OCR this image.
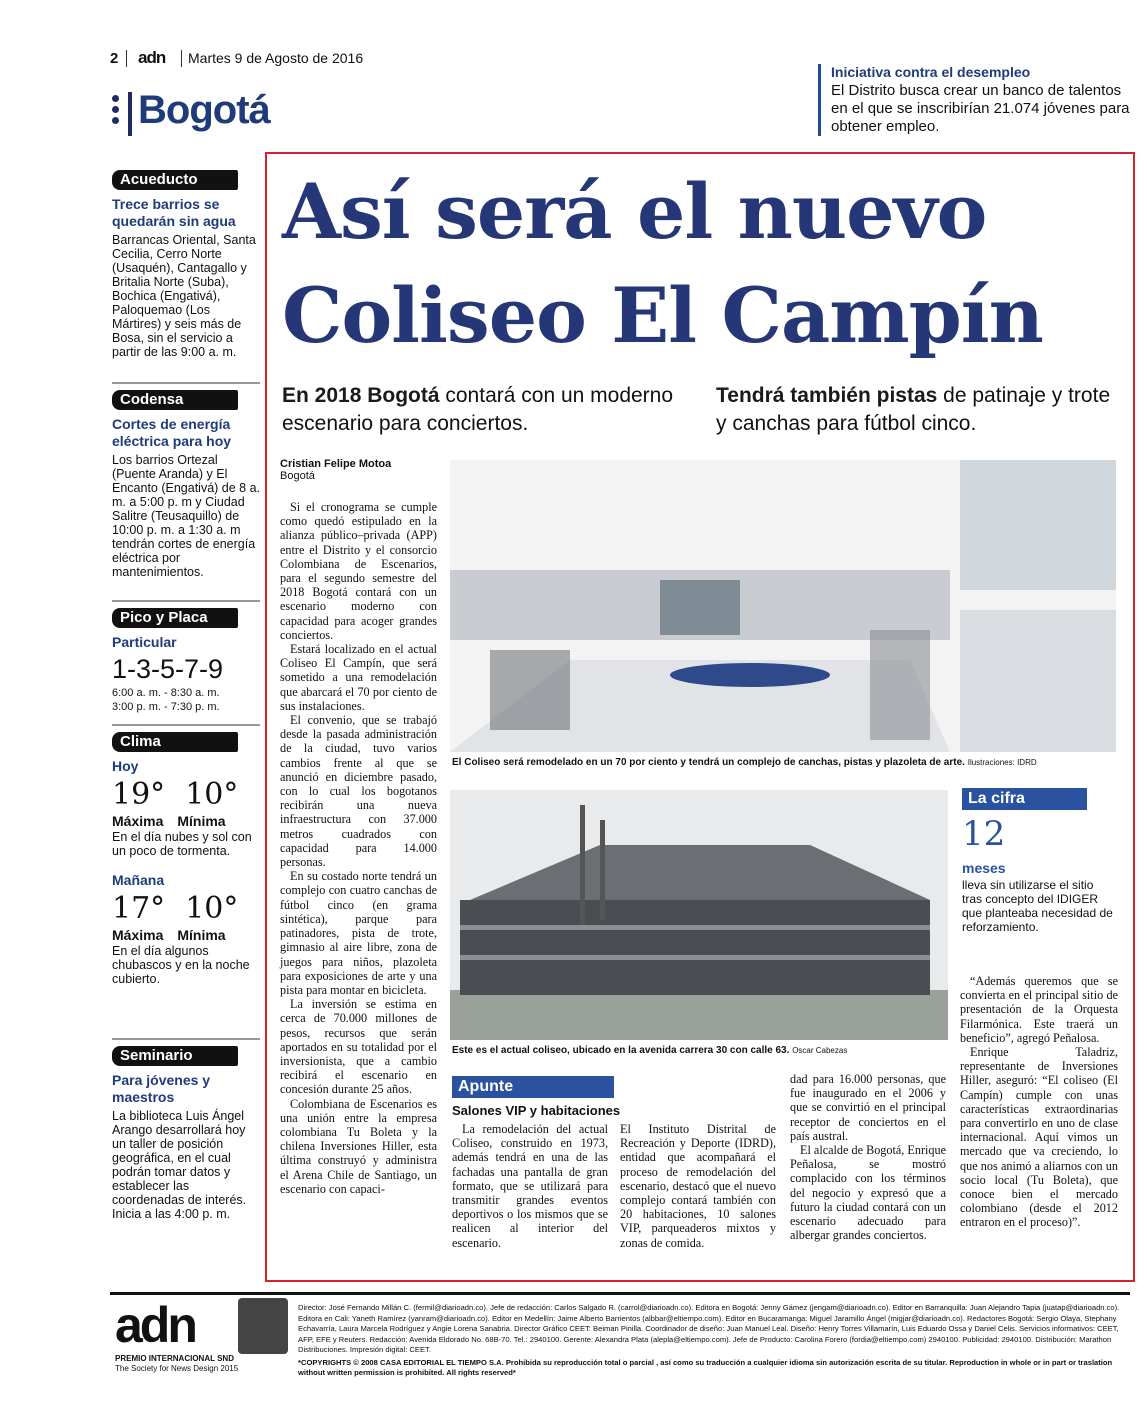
2 adn Martes 9 de Agosto de 2016
Bogotá
Iniciativa contra el desempleo

El Distrito busca crear un banco de talentos en el que se inscribirían 21.074 jóvenes para obtener empleo.

Acueducto
Trece barrios se quedarán sin agua

Barrancas Oriental, Santa Cecilia, Cerro Norte (Usaquén), Cantagallo y Britalia Norte (Suba), Bochica (Engativá), Paloquemao (Los Mártires) y seis más de Bosa, sin el servicio a partir de las 9:00 a. m.

Codensa
Cortes de energía eléctrica para hoy

Los barrios Ortezal (Puente Aranda) y El Encanto (Engativá) de 8 a. m. a 5:00 p. m y Ciudad Salitre (Teusaquillo) de 10:00 p. m. a 1:30 a. m tendrán cortes de energía eléctrica por mantenimientos.

Pico y Placa
Particular
1-3-5-7-9

6:00 a. m. - 8:30 a. m.

3:00 p. m. - 7:30 p. m.

Clima
Hoy
19° 10°
Máxima Mínima

En el día nubes y sol con un poco de tormenta.

Mañana
17° 10°
Máxima Mínima

En el día algunos chubascos y en la noche cubierto.

Seminario
Para jóvenes y maestros

La biblioteca Luis Ángel Arango desarrollará hoy un taller de posición geográfica, en el cual podrán tomar datos y establecer las coordenadas de interés. Inicia a las 4:00 p. m.

Así será el nuevo
Coliseo El Campín
En 2018 Bogotá contará con un moderno escenario para conciertos.
Tendrá también pistas de patinaje y trote y canchas para fútbol cinco.
Cristian Felipe Motoa
Bogotá

Si el cronograma se cumple como quedó estipulado en la alianza público–privada (APP) entre el Distrito y el consorcio Colombiana de Escenarios, para el segundo semestre del 2018 Bogotá contará con un escenario moderno con capacidad para acoger grandes conciertos.

Estará localizado en el actual Coliseo El Campín, que será sometido a una remodelación que abarcará el 70 por ciento de sus instalaciones.

El convenio, que se trabajó desde la pasada administración de la ciudad, tuvo varios cambios frente al que se anunció en diciembre pasado, con lo cual los bogotanos recibirán una nueva infraestructura con 37.000 metros cuadrados con capacidad para 14.000 personas.

En su costado norte tendrá un complejo con cuatro canchas de fútbol cinco (en grama sintética), parque para patinadores, pista de trote, gimnasio al aire libre, zona de juegos para niños, plazoleta para exposiciones de arte y una pista para montar en bicicleta.

La inversión se estima en cerca de 70.000 millones de pesos, recursos que serán aportados en su totalidad por el inversionista, que a cambio recibirá el escenario en concesión durante 25 años.

Colombiana de Escenarios es una unión entre la empresa colombiana Tu Boleta y la chilena Inversiones Hiller, esta última construyó y administra el Arena Chile de Santiago, un escenario con capaci-

El Coliseo será remodelado en un 70 por ciento y tendrá un complejo de canchas, pistas y plazoleta de arte. Ilustraciones: IDRD
Este es el actual coliseo, ubicado en la avenida carrera 30 con calle 63. Oscar Cabezas
La cifra
12
meses
lleva sin utilizarse el sitio tras concepto del IDIGER que planteaba necesidad de reforzamiento.
Apunte
Salones VIP y habitaciones

La remodelación del actual Coliseo, construido en 1973, además tendrá en una de las fachadas una pantalla de gran formato, que se utilizará para transmitir grandes eventos deportivos o los mismos que se realicen al interior del escenario.

El Instituto Distrital de Recreación y Deporte (IDRD), entidad que acompañará el proceso de remodelación del escenario, destacó que el nuevo complejo contará también con 20 habitaciones, 10 salones VIP, parqueaderos mixtos y zonas de comida.

dad para 16.000 personas, que fue inaugurado en el 2006 y que se convirtió en el principal receptor de conciertos en el país austral.

El alcalde de Bogotá, Enrique Peñalosa, se mostró complacido con los términos del negocio y expresó que a futuro la ciudad contará con un escenario adecuado para albergar grandes conciertos.

“Además queremos que se convierta en el principal sitio de presentación de la Orquesta Filarmónica. Este traerá un beneficio”, agregó Peñalosa.

Enrique Taladriz, representante de Inversiones Hiller, aseguró: “El coliseo (El Campín) cumple con unas características extraordinarias para convertirlo en uno de clase internacional. Aquí vimos un mercado que va creciendo, lo que nos animó a aliarnos con un socio local (Tu Boleta), que conoce bien el mercado colombiano (desde el 2012 entraron en el proceso)”.

adn
PREMIO INTERNACIONAL SND
The Society for News Design 2015
Director: José Fernando Millán C. (fermil@diarioadn.co). Jefe de redacción: Carlos Salgado R. (carrol@diarioadn.co). Editora en Bogotá: Jenny Gámez (jengam@diarioadn.co). Editor en Barranquilla: Juan Alejandro Tapia (juatap@diarioadn.co). Editora en Cali: Yaneth Ramírez (yanram@diarioadn.co). Editor en Medellín: Jaime Alberto Barrientos (albbar@eltiempo.com). Editor en Bucaramanga: Miguel Jaramillo Ángel (migjar@diarioadn.co). Redactores Bogotá: Sergio Olaya, Stephany Echavarría, Laura Marcela Rodríguez y Angie Lorena Sanabria. Director Gráfico CEET: Beiman Pinilla. Coordinador de diseño: Juan Manuel Leal. Diseño: Henry Torres Villamarín, Luis Eduardo Ossa y Daniel Celis. Servicios informativos: CEET, AFP, EFE y Reuters. Redacción: Avenida Eldorado No. 68B-70. Tel.: 2940100. Gerente: Alexandra Plata (alepla@eltiempo.com). Jefe de Producto: Carolina Forero (fordia@eltiempo.com) 2940100. Publicidad: 2940100. Distribución: Marathon Distribuciones. Impresión digital: CEET.
*COPYRIGHTS © 2008 CASA EDITORIAL EL TIEMPO S.A. Prohibida su reproducción total o parcial , así como su traducción a cualquier idioma sin autorización escrita de su titular. Reproduction in whole or in part or traslation without written permission is prohibited. All rights reserved*
